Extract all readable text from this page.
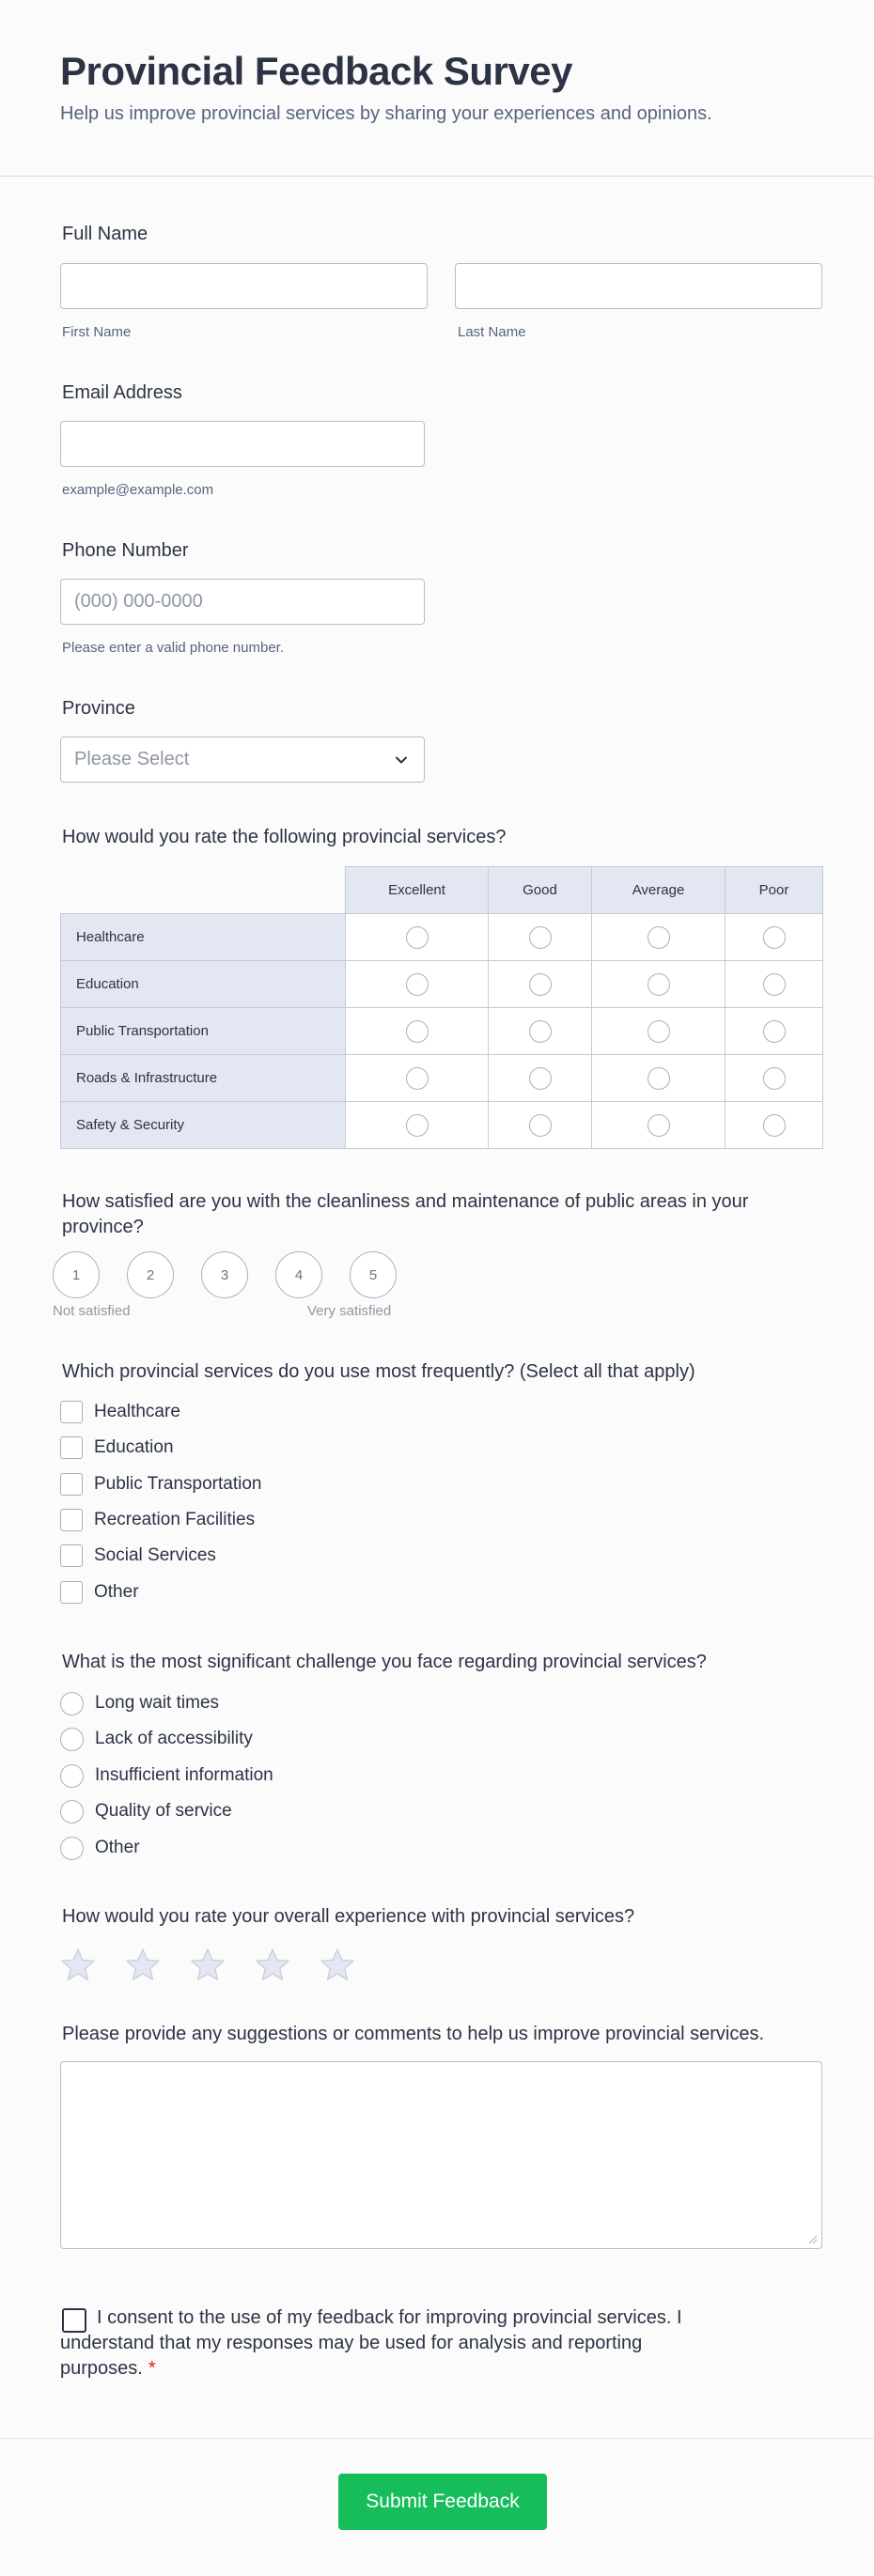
Provincial Feedback Survey

Help us improve provincial services by sharing your experiences and opinions.

Full Name
First Name	Last Name
Email Address
example@example.com
Phone Number
(000) 000-0000
Please enter a valid phone number.
Province
Please Select
How would you rate the following provincial services?
	Excellent	Good	Average	Poor
Healthcare				
Education				
Public Transportation				
Roads & Infrastructure				
Safety & Security				
How satisfied are you with the cleanliness and maintenance of public areas in your province?
1	2	3	4	5
Not satisfied	Very satisfied
Which provincial services do you use most frequently? (Select all that apply)
Healthcare
Education
Public Transportation
Recreation Facilities
Social Services
Other
What is the most significant challenge you face regarding provincial services?
Long wait times
Lack of accessibility
Insufficient information
Quality of service
Other
How would you rate your overall experience with provincial services?
Please provide any suggestions or comments to help us improve provincial services.
I consent to the use of my feedback for improving provincial services. I understand that my responses may be used for analysis and reporting purposes. *
Submit Feedback
